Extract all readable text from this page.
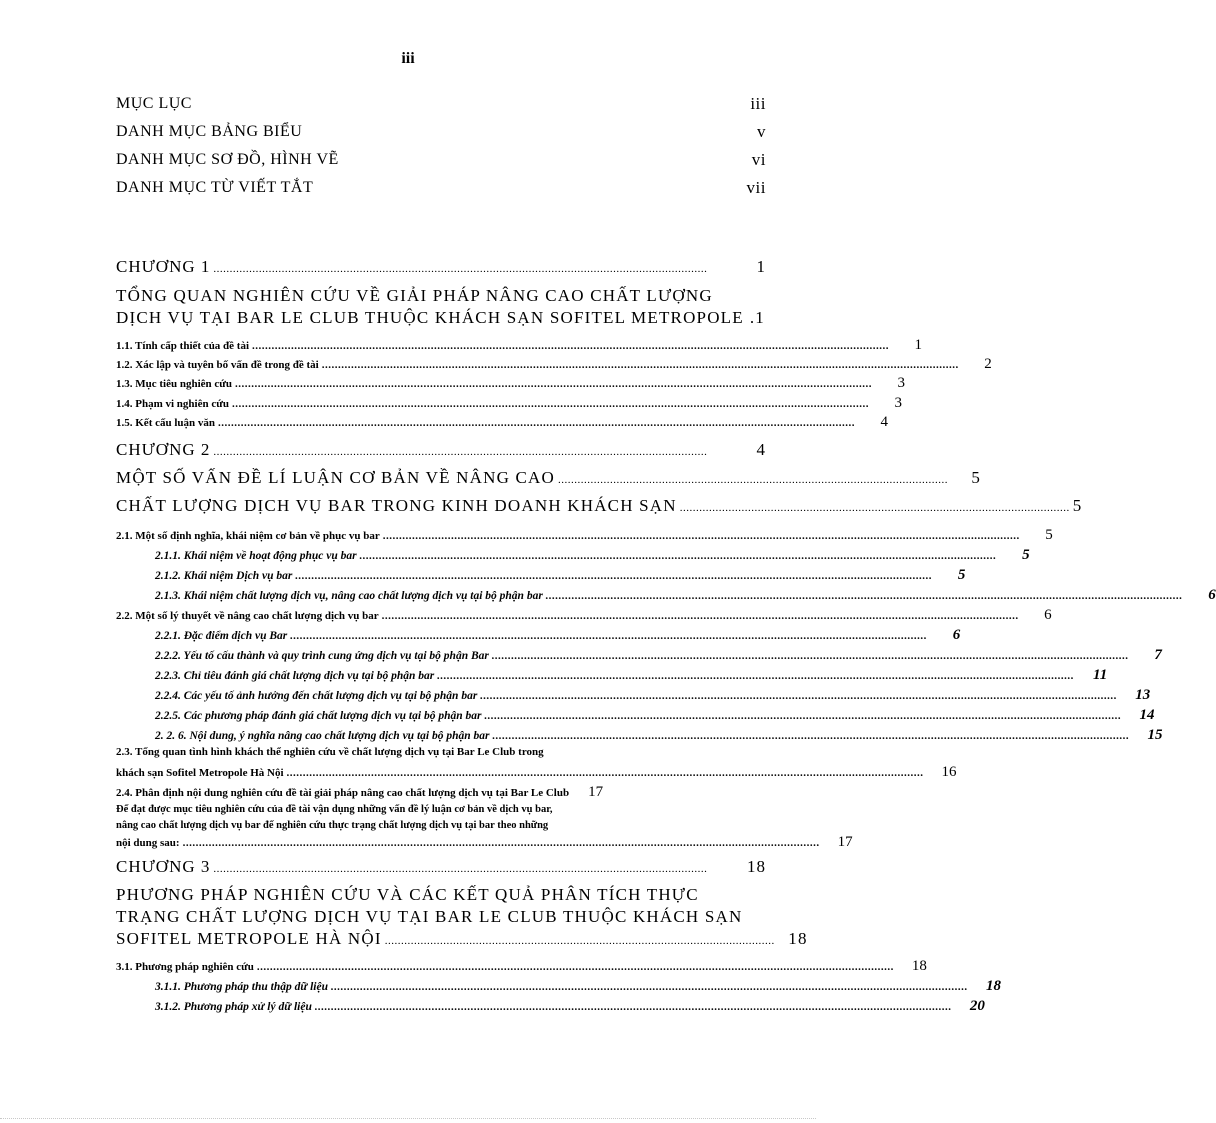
iii
MỤC LỤC	iii
DANH MỤC BẢNG BIỂU	v
DANH MỤC SƠ ĐỒ, HÌNH VẼ	vi
DANH MỤC TỪ VIẾT TẮT	vii
CHƯƠNG 1 ........................................................................................................................................................	1
TỔNG QUAN NGHIÊN CỨU VỀ GIẢI PHÁP NÂNG CAO CHẤT LƯỢNG
DỊCH VỤ TẠI BAR LE CLUB THUỘC KHÁCH SẠN SOFITEL METROPOLE .1
1.1. Tính cấp thiết của đề tài ....................................................................................................................................................................................................	1
1.2. Xác lập và tuyên bố vấn đề trong đề tài ....................................................................................................................................................................................................	2
1.3. Mục tiêu nghiên cứu ....................................................................................................................................................................................................	3
1.4. Phạm vi nghiên cứu ....................................................................................................................................................................................................	3
1.5. Kết cấu luận văn ....................................................................................................................................................................................................	4
CHƯƠNG 2 ........................................................................................................................................................	4
MỘT SỐ VẤN ĐỀ LÍ LUẬN CƠ BẢN VỀ NÂNG CAO ........................................................................................................................	5
CHẤT LƯỢNG DỊCH VỤ BAR TRONG KINH DOANH KHÁCH SẠN ........................................................................................................................ 5
2.1. Một số định nghĩa, khái niệm cơ bản về phục vụ bar ....................................................................................................................................................................................................	5
2.1.1. Khái niệm về hoạt động phục vụ bar ....................................................................................................................................................................................................	5
2.1.2. Khái niệm Dịch vụ bar ....................................................................................................................................................................................................	5
2.1.3. Khái niệm chất lượng dịch vụ, nâng cao chất lượng dịch vụ tại bộ phận bar ....................................................................................................................................................................................................	6
2.2. Một số lý thuyết về nâng cao chất lượng dịch vụ bar ....................................................................................................................................................................................................	6
2.2.1. Đặc điểm dịch vụ Bar ....................................................................................................................................................................................................	6
2.2.2. Yếu tố cấu thành và quy trình cung ứng dịch vụ tại bộ phận Bar ....................................................................................................................................................................................................	7
2.2.3. Chỉ tiêu đánh giá chất lượng dịch vụ tại bộ phận bar ....................................................................................................................................................................................................	11
2.2.4. Các yếu tố ảnh hưởng đến chất lượng dịch vụ tại bộ phận bar ....................................................................................................................................................................................................	13
2.2.5. Các phương pháp đánh giá chất lượng dịch vụ tại bộ phận bar ....................................................................................................................................................................................................	14
2. 2. 6. Nội dung, ý nghĩa nâng cao chất lượng dịch vụ tại bộ phận bar ....................................................................................................................................................................................................	15
2.3. Tổng quan tình hình khách thể nghiên cứu về chất lượng dịch vụ tại Bar Le Club trong
khách sạn Sofitel Metropole Hà Nội ....................................................................................................................................................................................................	16
2.4. Phân định nội dung nghiên cứu đề tài giải pháp nâng cao chất lượng dịch vụ tại Bar Le Club	17
Để đạt được mục tiêu nghiên cứu của đề tài vận dụng những vấn đề lý luận cơ bản về dịch vụ bar,
nâng cao chất lượng dịch vụ bar để nghiên cứu thực trạng chất lượng dịch vụ tại bar theo những
nội dung sau: ....................................................................................................................................................................................................	17
CHƯƠNG 3 ........................................................................................................................................................	18
PHƯƠNG PHÁP NGHIÊN CỨU VÀ CÁC KẾT QUẢ PHÂN TÍCH THỰC
TRẠNG CHẤT LƯỢNG DỊCH VỤ TẠI BAR LE CLUB THUỘC KHÁCH SẠN
SOFITEL METROPOLE HÀ NỘI ........................................................................................................................ 18
3.1. Phương pháp nghiên cứu ....................................................................................................................................................................................................	18
3.1.1. Phương pháp thu thập dữ liệu ....................................................................................................................................................................................................	18
3.1.2. Phương pháp xử lý dữ liệu ....................................................................................................................................................................................................	20
